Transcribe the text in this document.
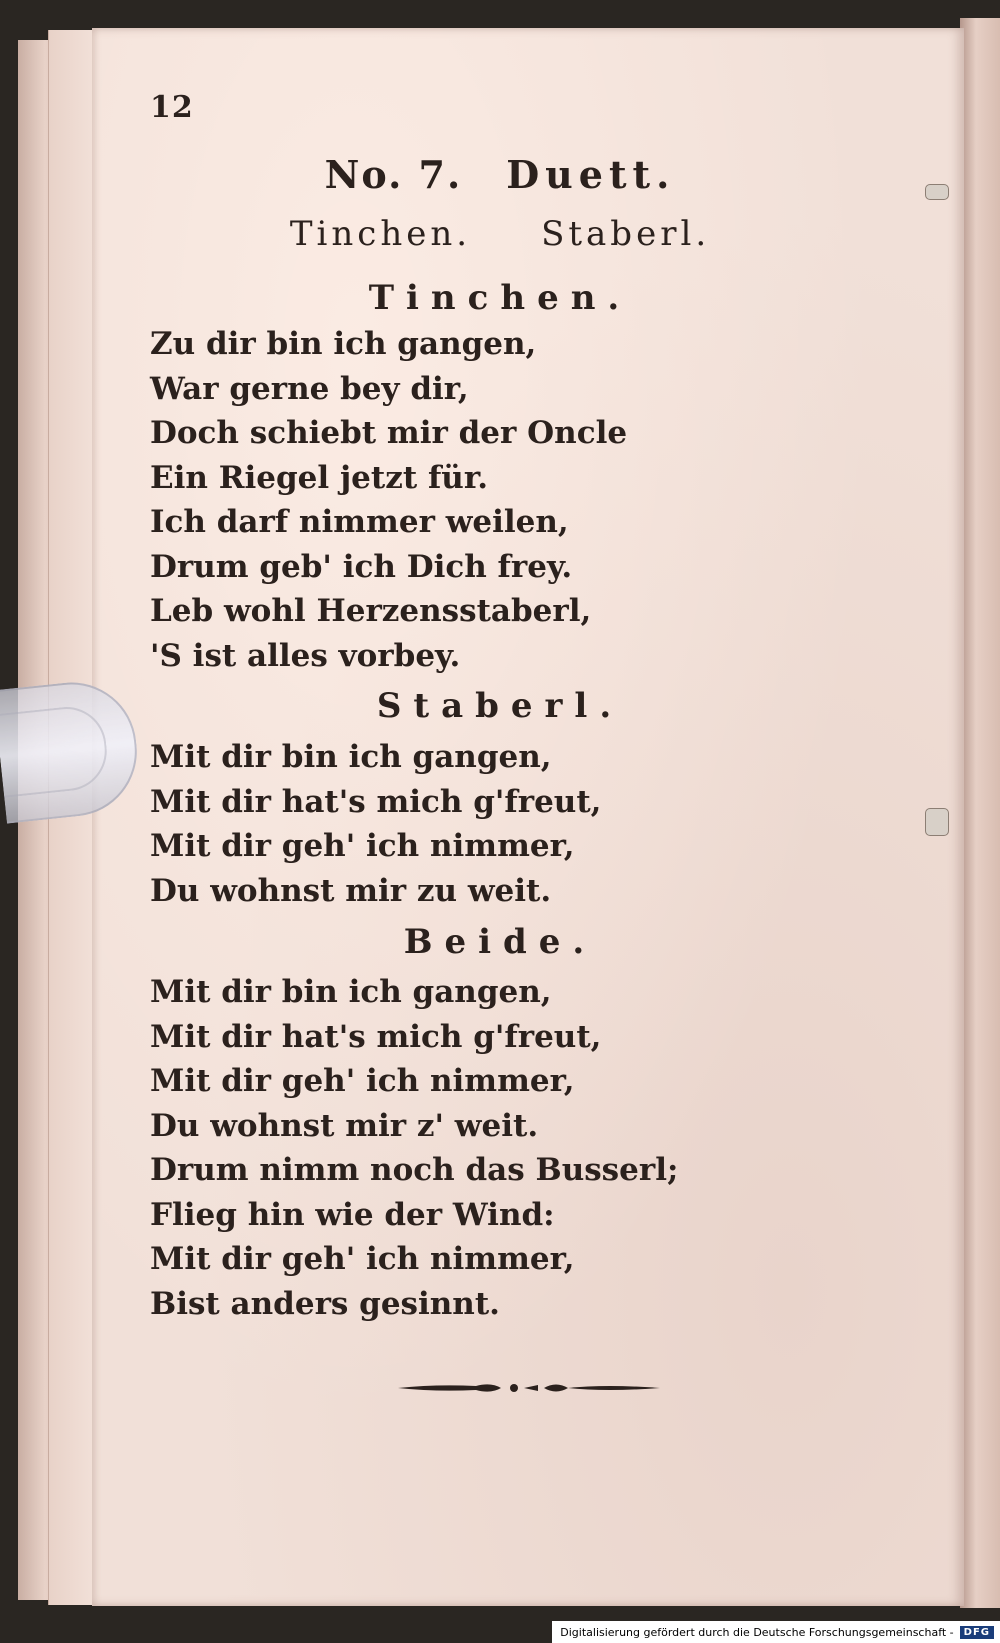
12
No. 7. Duett.
Tinchen. Staberl.
Tinchen.
Zu dir bin ich gangen,
War gerne bey dir,
Doch schiebt mir der Oncle
Ein Riegel jetzt für.
Ich darf nimmer weilen,
Drum geb' ich Dich frey.
Leb wohl Herzensstaberl,
'S ist alles vorbey.
Staberl.
Mit dir bin ich gangen,
Mit dir hat's mich g'freut,
Mit dir geh' ich nimmer,
Du wohnst mir zu weit.
Beide.
Mit dir bin ich gangen,
Mit dir hat's mich g'freut,
Mit dir geh' ich nimmer,
Du wohnst mir z' weit.
Drum nimm noch das Busserl;
Flieg hin wie der Wind:
Mit dir geh' ich nimmer,
Bist anders gesinnt.
Digitalisierung gefördert durch die Deutsche Forschungsgemeinschaft -	DFG
